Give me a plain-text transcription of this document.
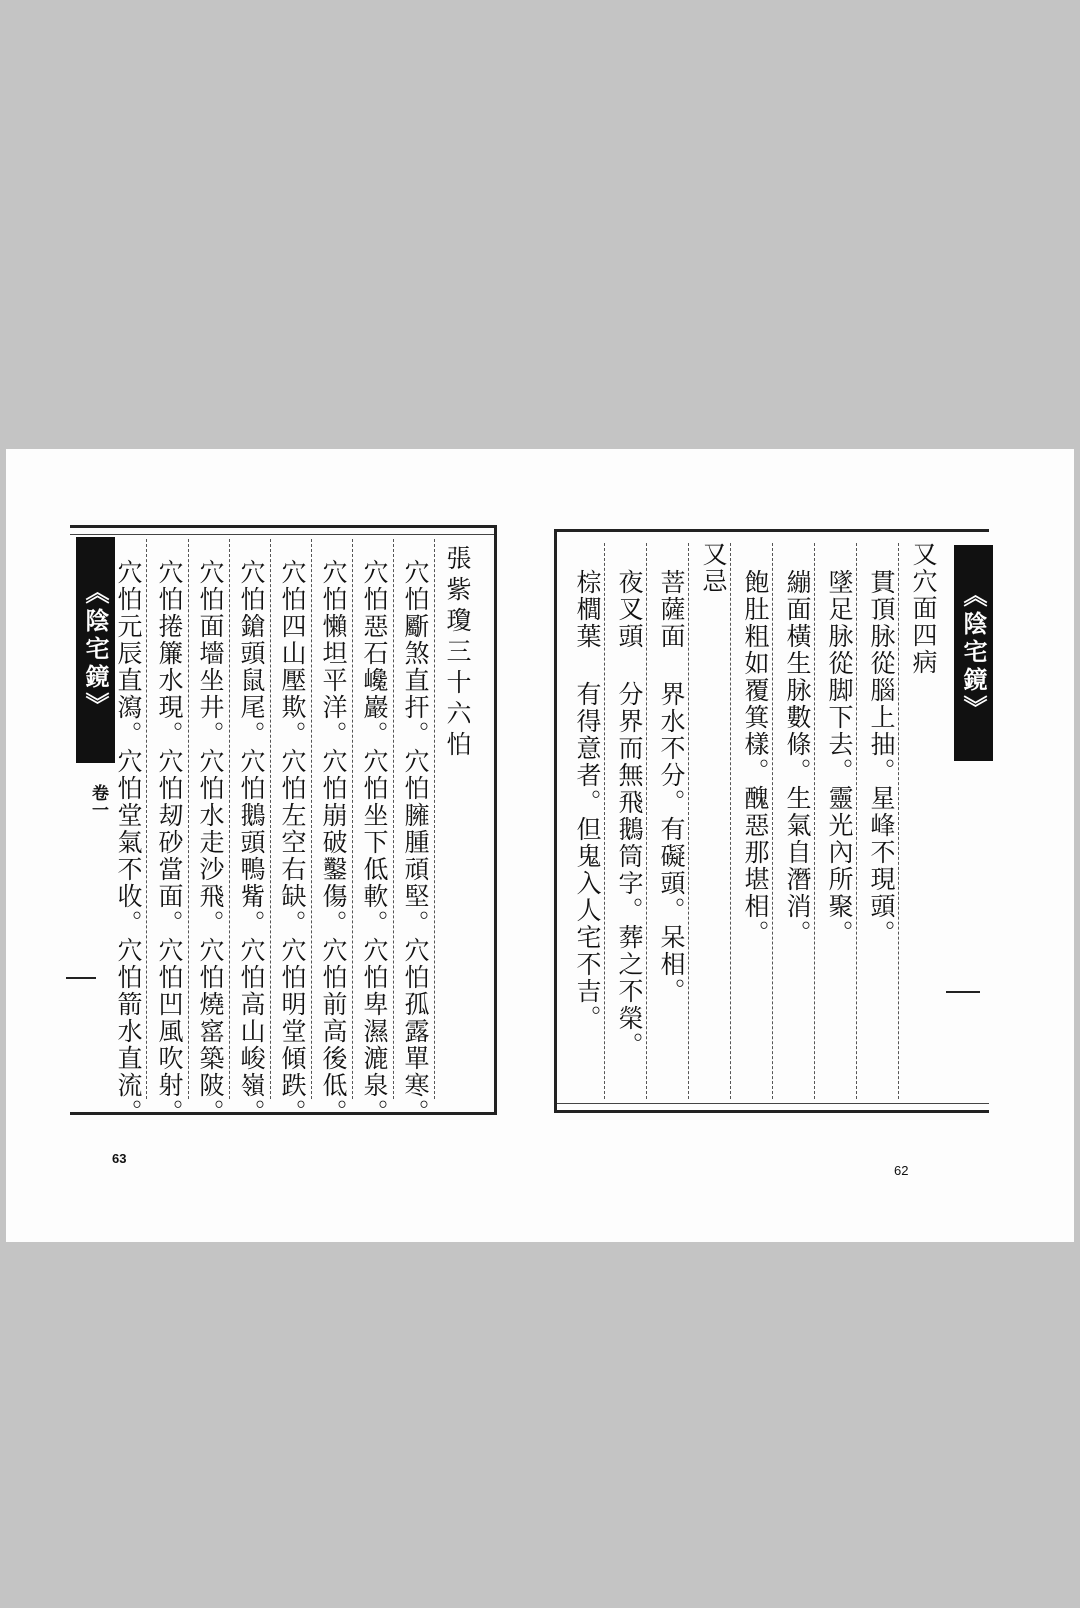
《陰宅鏡》
卷一
張紫瓊三十六怕
穴怕斸煞直扞。穴怕臃腫頑堅。穴怕孤露單寒。
穴怕惡石巉巖。穴怕坐下低軟。穴怕卑濕漉泉。
穴怕懶坦平洋。穴怕崩破鑿傷。穴怕前高後低。
穴怕四山壓欺。穴怕左空右缺。穴怕明堂傾跌。
穴怕鎗頭鼠尾。穴怕鵝頭鴨觜。穴怕高山峻嶺。
穴怕面墻坐井。穴怕水走沙飛。穴怕燒窰築陂。
穴怕捲簾水現。穴怕刼砂當面。穴怕凹風吹射。
穴怕元辰直瀉。穴怕堂氣不收。穴怕箭水直流。
63
《陰宅鏡》
又穴面四病
貫頂脉從腦上抽。星峰不現頭。
墜足脉從脚下去。靈光內所聚。
繃面橫生脉數條。生氣自潛消。
飽肚粗如覆箕樣。醜惡那堪相。
又忌
菩薩面 界水不分。有礙頭。呆相。
夜叉頭 分界而無飛鵝筒字。葬之不榮。
棕櫚葉 有得意者。但鬼入人宅不吉。
62
